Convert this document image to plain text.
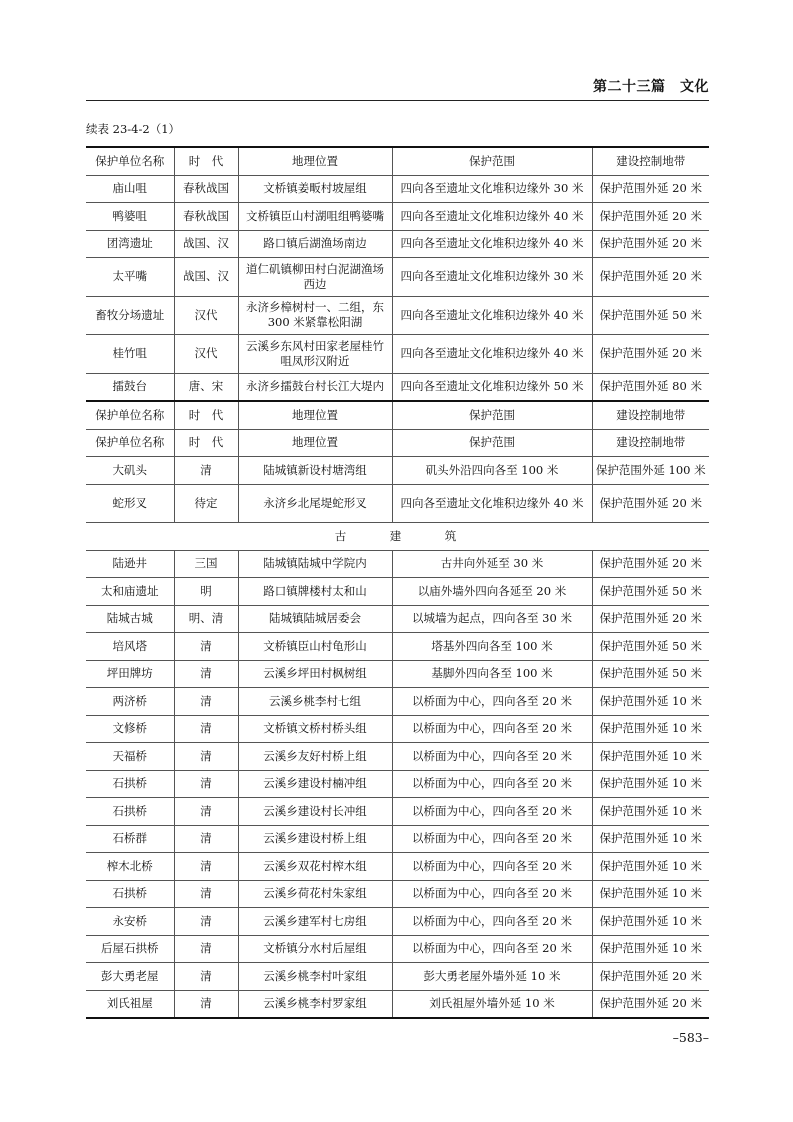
第二十三篇　文化
续表 23-4-2（1）
保护单位名称	时　代	地理位置	保护范围	建设控制地带
庙山咀	春秋战国	文桥镇姜畈村坡屋组	四向各至遗址文化堆积边缘外 30 米	保护范围外延 20 米
鸭婆咀	春秋战国	文桥镇臣山村湖咀组鸭婆嘴	四向各至遗址文化堆积边缘外 40 米	保护范围外延 20 米
团湾遗址	战国、汉	路口镇后湖渔场南边	四向各至遗址文化堆积边缘外 40 米	保护范围外延 20 米
太平嘴	战国、汉	道仁矶镇柳田村白泥湖渔场西边	四向各至遗址文化堆积边缘外 30 米	保护范围外延 20 米
畜牧分场遗址	汉代	永济乡樟树村一、二组，东 300 米紧靠松阳湖	四向各至遗址文化堆积边缘外 40 米	保护范围外延 50 米
桂竹咀	汉代	云溪乡东风村田家老屋桂竹咀凤形汉附近	四向各至遗址文化堆积边缘外 40 米	保护范围外延 20 米
擂鼓台	唐、宋	永济乡擂鼓台村长江大堤内	四向各至遗址文化堆积边缘外 50 米	保护范围外延 80 米
保护单位名称	时　代	地理位置	保护范围	建设控制地带
保护单位名称	时　代	地理位置	保护范围	建设控制地带
大矶头	清	陆城镇新设村塘湾组	矶头外沿四向各至 100 米	保护范围外延 100 米
蛇形叉	待定	永济乡北尾堤蛇形叉	四向各至遗址文化堆积边缘外 40 米	保护范围外延 20 米
古　建　筑				
陆逊井	三国	陆城镇陆城中学院内	古井向外延至 30 米	保护范围外延 20 米
太和庙遗址	明	路口镇牌楼村太和山	以庙外墙外四向各延至 20 米	保护范围外延 50 米
陆城古城	明、清	陆城镇陆城居委会	以城墙为起点，四向各至 30 米	保护范围外延 20 米
培风塔	清	文桥镇臣山村龟形山	塔基外四向各至 100 米	保护范围外延 50 米
坪田牌坊	清	云溪乡坪田村枫树组	基脚外四向各至 100 米	保护范围外延 50 米
两济桥	清	云溪乡桃李村七组	以桥面为中心，四向各至 20 米	保护范围外延 10 米
文修桥	清	文桥镇文桥村桥头组	以桥面为中心，四向各至 20 米	保护范围外延 10 米
天福桥	清	云溪乡友好村桥上组	以桥面为中心，四向各至 20 米	保护范围外延 10 米
石拱桥	清	云溪乡建设村楠冲组	以桥面为中心，四向各至 20 米	保护范围外延 10 米
石拱桥	清	云溪乡建设村长冲组	以桥面为中心，四向各至 20 米	保护范围外延 10 米
石桥群	清	云溪乡建设村桥上组	以桥面为中心，四向各至 20 米	保护范围外延 10 米
榨木北桥	清	云溪乡双花村榨木组	以桥面为中心，四向各至 20 米	保护范围外延 10 米
石拱桥	清	云溪乡荷花村朱家组	以桥面为中心，四向各至 20 米	保护范围外延 10 米
永安桥	清	云溪乡建军村七房组	以桥面为中心，四向各至 20 米	保护范围外延 10 米
后屋石拱桥	清	文桥镇分水村后屋组	以桥面为中心，四向各至 20 米	保护范围外延 10 米
彭大勇老屋	清	云溪乡桃李村叶家组	彭大勇老屋外墙外延 10 米	保护范围外延 20 米
刘氏祖屋	清	云溪乡桃李村罗家组	刘氏祖屋外墙外延 10 米	保护范围外延 20 米
–583–
